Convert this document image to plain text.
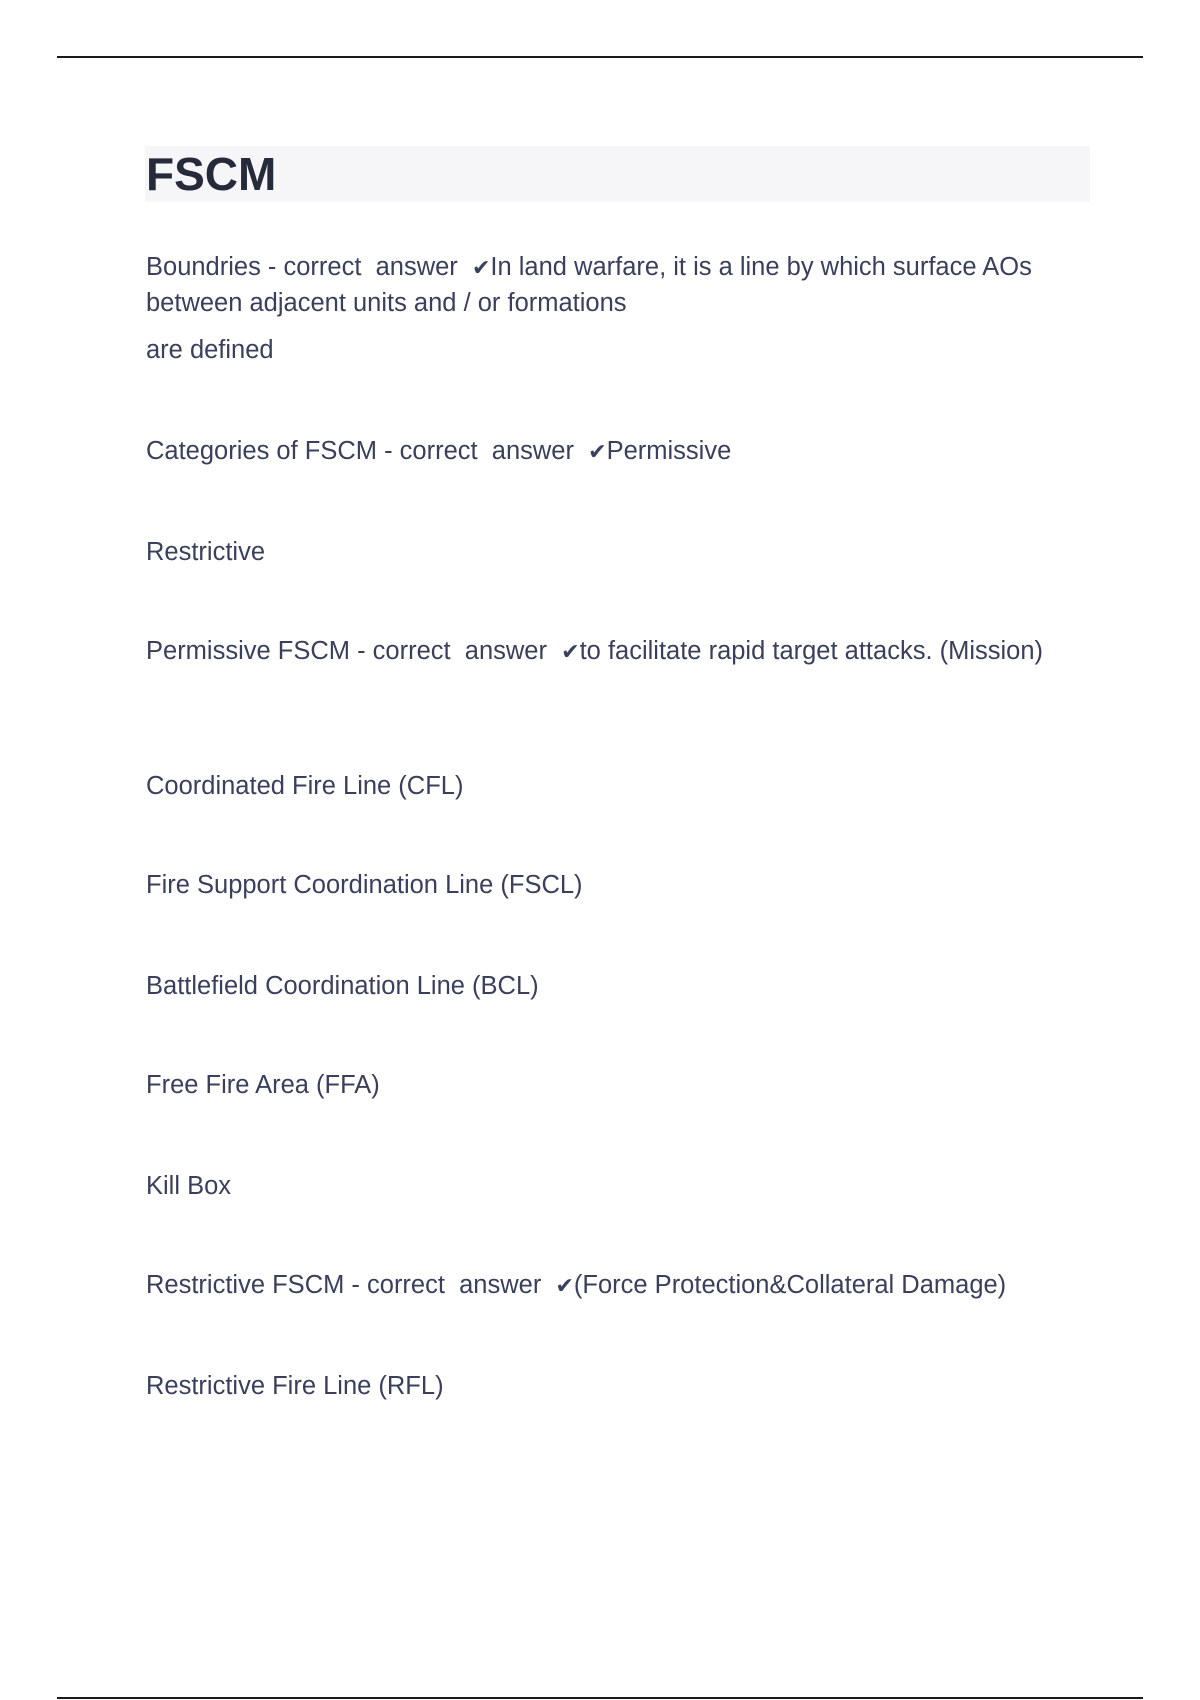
FSCM

Boundries - correct  answer  ✔In land warfare, it is a line by which surface AOs between adjacent units and / or formations

are defined

Categories of FSCM - correct  answer  ✔Permissive

Restrictive

Permissive FSCM - correct  answer  ✔to facilitate rapid target attacks. (Mission)

Coordinated Fire Line (CFL)

Fire Support Coordination Line (FSCL)

Battlefield Coordination Line (BCL)

Free Fire Area (FFA)

Kill Box

Restrictive FSCM - correct  answer  ✔(Force Protection&Collateral Damage)

Restrictive Fire Line (RFL)
